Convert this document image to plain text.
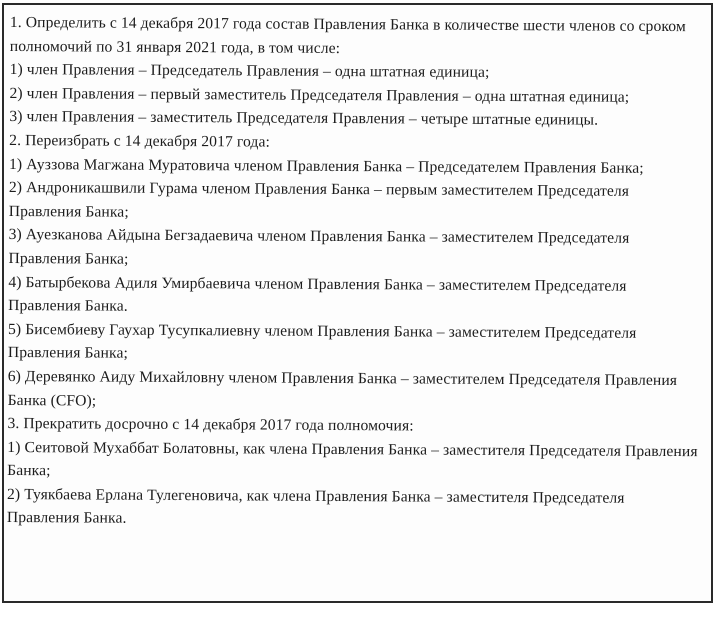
1. Определить с 14 декабря 2017 года состав Правления Банка в количестве шести членов со сроком полномочий по 31 января 2021 года, в том числе:

1) член Правления – Председатель Правления – одна штатная единица;

2) член Правления – первый заместитель Председателя Правления – одна штатная единица;

3) член Правления – заместитель Председателя Правления – четыре штатные единицы.

2. Переизбрать с 14 декабря 2017 года:

1) Ауззова Магжана Муратовича членом Правления Банка – Председателем Правления Банка;

2) Андроникашвили Гурама членом Правления Банка – первым заместителем Председателя Правления Банка;

3) Ауезканова Айдына Бегзадаевича членом Правления Банка – заместителем Председателя Правления Банка;

4) Батырбекова Адиля Умирбаевича членом Правления Банка – заместителем Председателя Правления Банка.

5) Бисембиеву Гаухар Тусупкалиевну членом Правления Банка – заместителем Председателя Правления Банка;

6) Деревянко Аиду Михайловну членом Правления Банка – заместителем Председателя Правления Банка (CFO);

3. Прекратить досрочно с 14 декабря 2017 года полномочия:

1) Сеитовой Мухаббат Болатовны, как члена Правления Банка – заместителя Председателя Правления Банка;

2) Туякбаева Ерлана Тулегеновича, как члена Правления Банка – заместителя Председателя Правления Банка.
